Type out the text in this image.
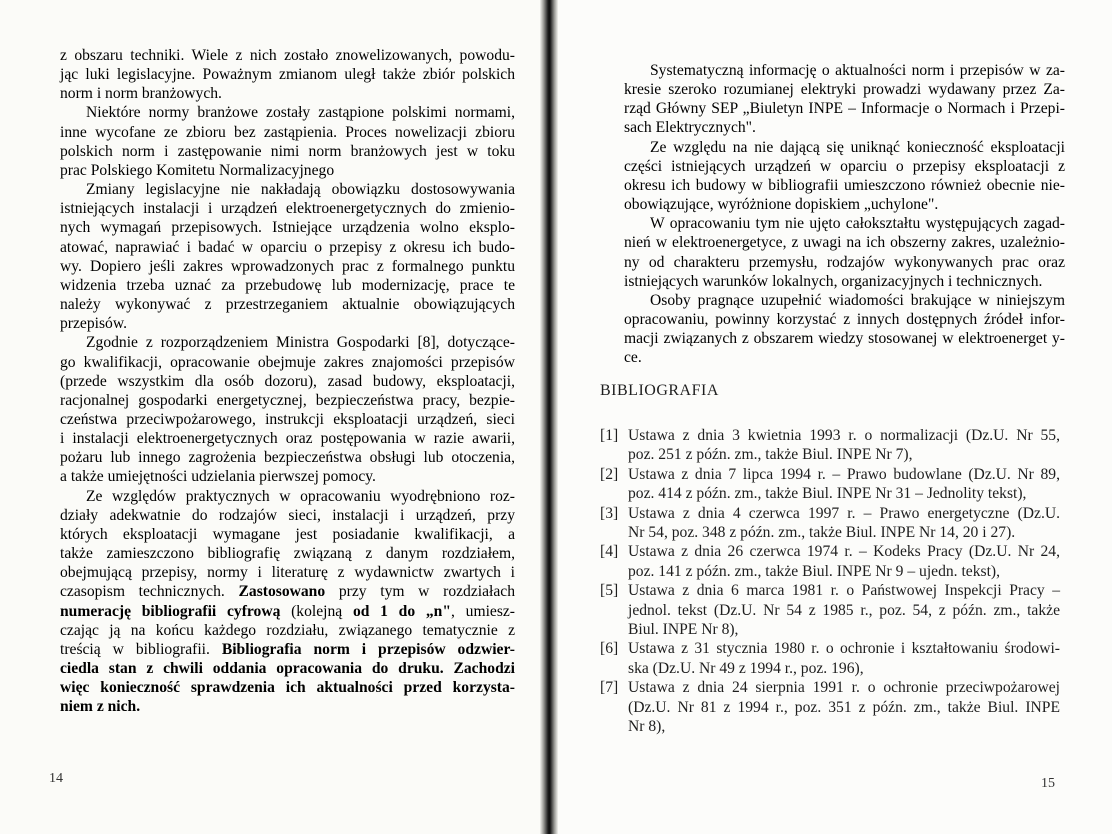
z obszaru techniki. Wiele z nich zostało znowelizowanych, powodu-
jąc luki legislacyjne. Poważnym zmianom uległ także zbiór polskich
norm i norm branżowych.
Niektóre normy branżowe zostały zastąpione polskimi normami,
inne wycofane ze zbioru bez zastąpienia. Proces nowelizacji zbioru
polskich norm i zastępowanie nimi norm branżowych jest w toku
prac Polskiego Komitetu Normalizacyjnego
Zmiany legislacyjne nie nakładają obowiązku dostosowywania
istniejących instalacji i urządzeń elektroenergetycznych do zmienio-
nych wymagań przepisowych. Istniejące urządzenia wolno eksplo-
atować, naprawiać i badać w oparciu o przepisy z okresu ich budo-
wy. Dopiero jeśli zakres wprowadzonych prac z formalnego punktu
widzenia trzeba uznać za przebudowę lub modernizację, prace te
należy wykonywać z przestrzeganiem aktualnie obowiązujących
przepisów.
Zgodnie z rozporządzeniem Ministra Gospodarki [8], dotyczące-
go kwalifikacji, opracowanie obejmuje zakres znajomości przepisów
(przede wszystkim dla osób dozoru), zasad budowy, eksploatacji,
racjonalnej gospodarki energetycznej, bezpieczeństwa pracy, bezpie-
czeństwa przeciwpożarowego, instrukcji eksploatacji urządzeń, sieci
i instalacji elektroenergetycznych oraz postępowania w razie awarii,
pożaru lub innego zagrożenia bezpieczeństwa obsługi lub otoczenia,
a także umiejętności udzielania pierwszej pomocy.
Ze względów praktycznych w opracowaniu wyodrębniono roz-
działy adekwatnie do rodzajów sieci, instalacji i urządzeń, przy
których eksploatacji wymagane jest posiadanie kwalifikacji, a
także zamieszczono bibliografię związaną z danym rozdziałem,
obejmującą przepisy, normy i literaturę z wydawnictw zwartych i
czasopism technicznych. Zastosowano przy tym w rozdziałach
numerację bibliografii cyfrową (kolejną od 1 do „n", umiesz-
czając ją na końcu każdego rozdziału, związanego tematycznie z
treścią w bibliografii. Bibliografia norm i przepisów odzwier-
ciedla stan z chwili oddania opracowania do druku. Zachodzi
więc konieczność sprawdzenia ich aktualności przed korzysta-
niem z nich.
Systematyczną informację o aktualności norm i przepisów w za-
kresie szeroko rozumianej elektryki prowadzi wydawany przez Za-
rząd Główny SEP „Biuletyn INPE – Informacje o Normach i Przepi-
sach Elektrycznych".
Ze względu na nie dającą się uniknąć konieczność eksploatacji
części istniejących urządzeń w oparciu o przepisy eksploatacji z
okresu ich budowy w bibliografii umieszczono również obecnie nie-
obowiązujące, wyróżnione dopiskiem „uchylone".
W opracowaniu tym nie ujęto całokształtu występujących zagad-
nień w elektroenergetyce, z uwagi na ich obszerny zakres, uzależnio-
ny od charakteru przemysłu, rodzajów wykonywanych prac oraz
istniejących warunków lokalnych, organizacyjnych i technicznych.
Osoby pragnące uzupełnić wiadomości brakujące w niniejszym
opracowaniu, powinny korzystać z innych dostępnych źródeł infor-
macji związanych z obszarem wiedzy stosowanej w elektroenerget y-
ce.
BIBLIOGRAFIA
[1] Ustawa z dnia 3 kwietnia 1993 r. o normalizacji (Dz.U. Nr 55,
poz. 251 z późn. zm., także Biul. INPE Nr 7),
[2] Ustawa z dnia 7 lipca 1994 r. – Prawo budowlane (Dz.U. Nr 89,
poz. 414 z późn. zm., także Biul. INPE Nr 31 – Jednolity tekst),
[3] Ustawa z dnia 4 czerwca 1997 r. – Prawo energetyczne (Dz.U.
Nr 54, poz. 348 z późn. zm., także Biul. INPE Nr 14, 20 i 27).
[4] Ustawa z dnia 26 czerwca 1974 r. – Kodeks Pracy (Dz.U. Nr 24,
poz. 141 z późn. zm., także Biul. INPE Nr 9 – ujedn. tekst),
[5] Ustawa z dnia 6 marca 1981 r. o Państwowej Inspekcji Pracy –
jednol. tekst (Dz.U. Nr 54 z 1985 r., poz. 54, z późn. zm., także
Biul. INPE Nr 8),
[6] Ustawa z 31 stycznia 1980 r. o ochronie i kształtowaniu środowi-
ska (Dz.U. Nr 49 z 1994 r., poz. 196),
[7] Ustawa z dnia 24 sierpnia 1991 r. o ochronie przeciwpożarowej
(Dz.U. Nr 81 z 1994 r., poz. 351 z późn. zm., także Biul. INPE
Nr 8),
14	15
